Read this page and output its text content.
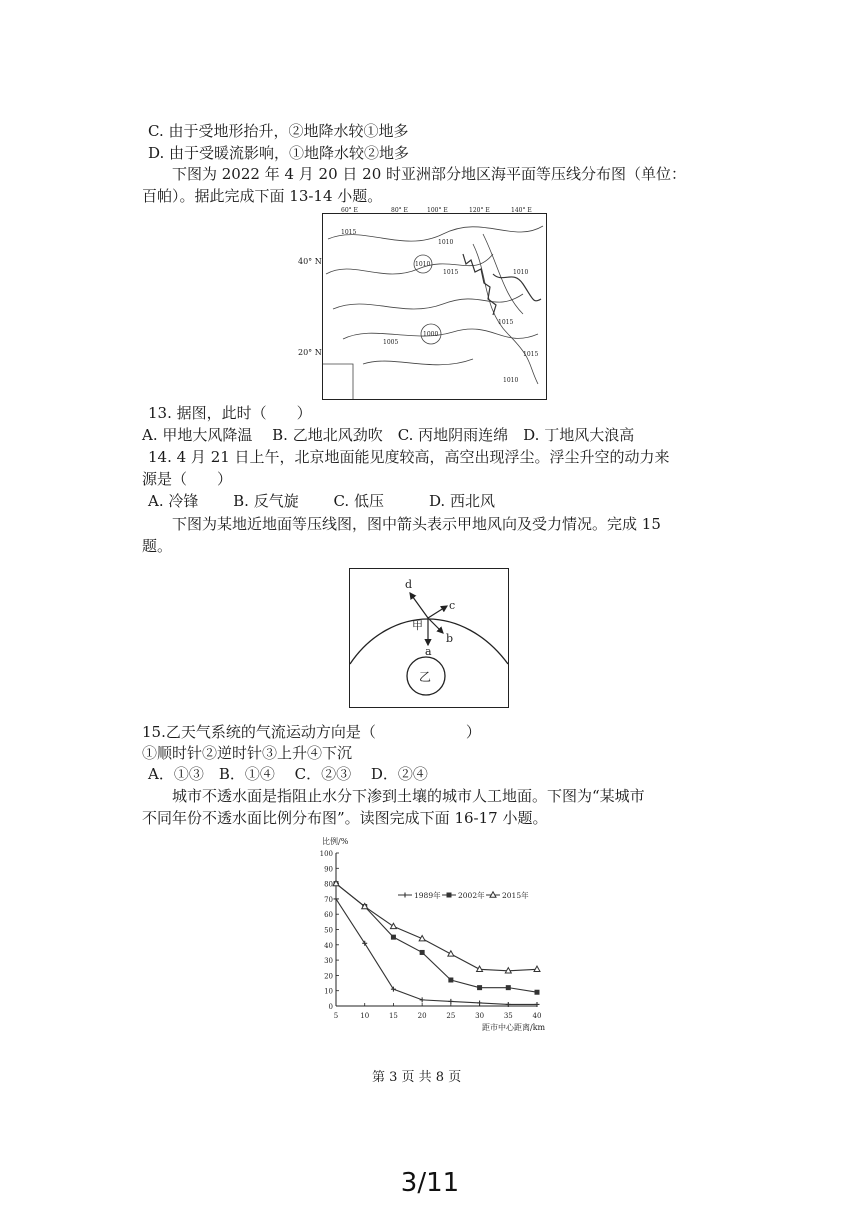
C. 由于受地形抬升，②地降水较①地多
D. 由于受暖流影响，①地降水较②地多
下图为 2022 年 4 月 20 日 20 时亚洲部分地区海平面等压线分布图（单位：
百帕）。据此完成下面 13-14 小题。
60° E	80° E	100° E	120° E	140° E
1015
1010
1010
1015
1000
1015
1010
1005
1015
1010
40° N
20° N
13. 据图，此时（　　）
A. 甲地大风降温　 B. 乙地北风劲吹　C. 丙地阴雨连绵　D. 丁地风大浪高
14. 4 月 21 日上午，北京地面能见度较高，高空出现浮尘。浮尘升空的动力来
源是（　　）
A. 冷锋　　 B. 反气旋　　 C. 低压　　　D. 西北风
下图为某地近地面等压线图，图中箭头表示甲地风向及受力情况。完成 15
题。
d
c
甲
b
a
乙
15.乙天气系统的气流运动方向是（　　　　　　）
①顺时针②逆时针③上升④下沉
A．①③　B．①④　 C．②③　 D．②④
城市不透水面是指阻止水分下渗到土壤的城市人工地面。下图为“某城市
不同年份不透水面比例分布图”。读图完成下面 16-17 小题。
比例/%
距市中心距离/km
0
10
20
30
40
50
60
70
80
90
100
5	10	15	20	25	30	35	40
1989年 2002年 2015年
第 3 页 共 8 页
3/11
